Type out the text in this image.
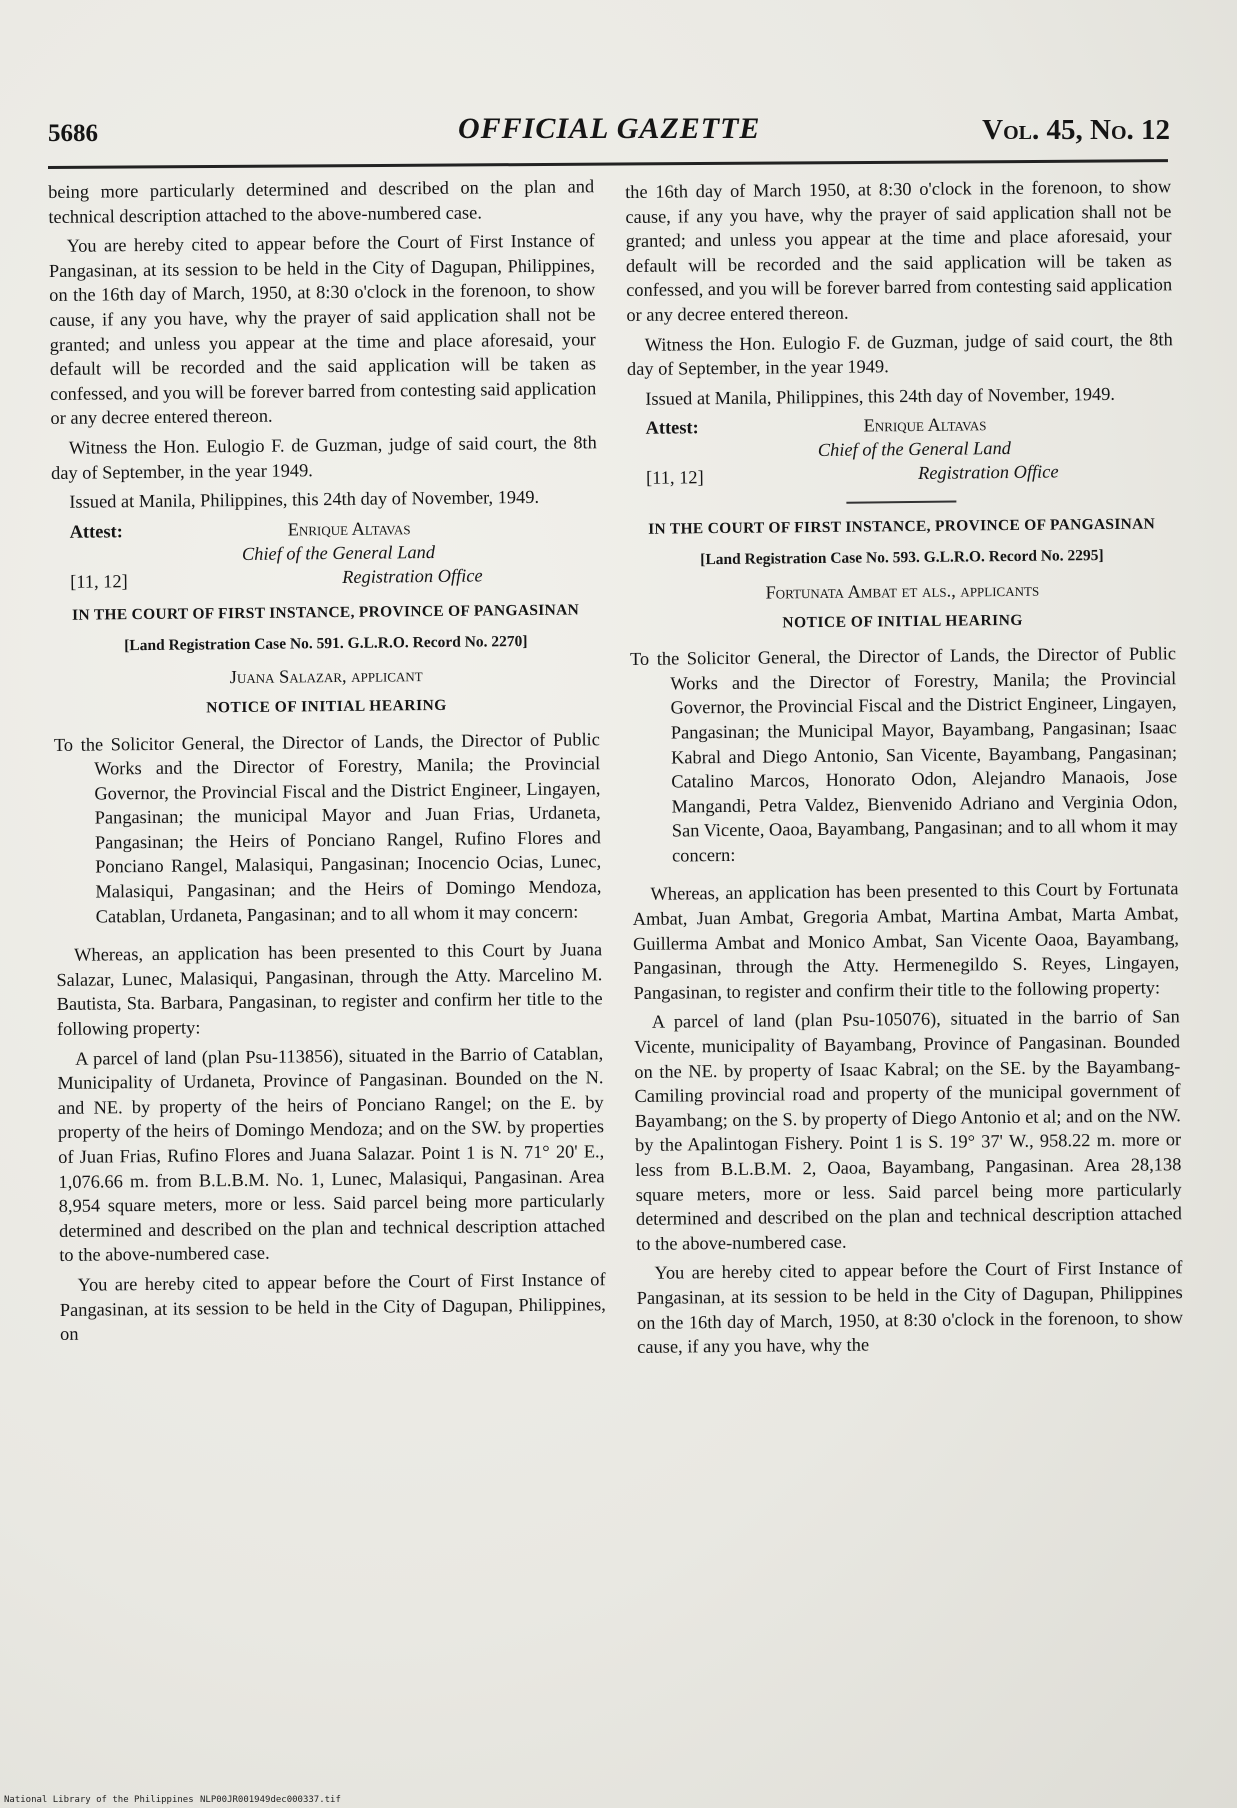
5686	OFFICIAL GAZETTE	Vol. 45, No. 12

being more particularly determined and described on the plan and technical description attached to the above-numbered case.

You are hereby cited to appear before the Court of First Instance of Pangasinan, at its session to be held in the City of Dagupan, Philippines, on the 16th day of March, 1950, at 8:30 o'clock in the forenoon, to show cause, if any you have, why the prayer of said application shall not be granted; and unless you appear at the time and place aforesaid, your default will be recorded and the said application will be taken as confessed, and you will be forever barred from contesting said application or any decree entered thereon.

Witness the Hon. Eulogio F. de Guzman, judge of said court, the 8th day of September, in the year 1949.

Issued at Manila, Philippines, this 24th day of November, 1949.

Attest:	Enrique Altavas
Chief of the General Land
Registration Office
[11, 12]
IN THE COURT OF FIRST INSTANCE, PROVINCE OF PANGASINAN
[Land Registration Case No. 591. G.L.R.O. Record No. 2270]
Juana Salazar, applicant
NOTICE OF INITIAL HEARING
To the Solicitor General, the Director of Lands, the Director of Public Works and the Director of Forestry, Manila; the Provincial Governor, the Provincial Fiscal and the District Engineer, Lingayen, Pangasinan; the municipal Mayor and Juan Frias, Urdaneta, Pangasinan; the Heirs of Ponciano Rangel, Rufino Flores and Ponciano Rangel, Malasiqui, Pangasinan; Inocencio Ocias, Lunec, Malasiqui, Pangasinan; and the Heirs of Domingo Mendoza, Catablan, Urdaneta, Pangasinan; and to all whom it may concern:

Whereas, an application has been presented to this Court by Juana Salazar, Lunec, Malasiqui, Pangasinan, through the Atty. Marcelino M. Bautista, Sta. Barbara, Pangasinan, to register and confirm her title to the following property:

A parcel of land (plan Psu-113856), situated in the Barrio of Catablan, Municipality of Urdaneta, Province of Pangasinan. Bounded on the N. and NE. by property of the heirs of Ponciano Rangel; on the E. by property of the heirs of Domingo Mendoza; and on the SW. by properties of Juan Frias, Rufino Flores and Juana Salazar. Point 1 is N. 71° 20' E., 1,076.66 m. from B.L.B.M. No. 1, Lunec, Malasiqui, Pangasinan. Area 8,954 square meters, more or less. Said parcel being more particularly determined and described on the plan and technical description attached to the above-numbered case.

You are hereby cited to appear before the Court of First Instance of Pangasinan, at its session to be held in the City of Dagupan, Philippines, on

the 16th day of March 1950, at 8:30 o'clock in the forenoon, to show cause, if any you have, why the prayer of said application shall not be granted; and unless you appear at the time and place aforesaid, your default will be recorded and the said application will be taken as confessed, and you will be forever barred from contesting said application or any decree entered thereon.

Witness the Hon. Eulogio F. de Guzman, judge of said court, the 8th day of September, in the year 1949.

Issued at Manila, Philippines, this 24th day of November, 1949.

Attest:	Enrique Altavas
Chief of the General Land
Registration Office
[11, 12]
IN THE COURT OF FIRST INSTANCE, PROVINCE OF PANGASINAN
[Land Registration Case No. 593. G.L.R.O. Record No. 2295]
Fortunata Ambat et als., applicants
NOTICE OF INITIAL HEARING
To the Solicitor General, the Director of Lands, the Director of Public Works and the Director of Forestry, Manila; the Provincial Governor, the Provincial Fiscal and the District Engineer, Lingayen, Pangasinan; the Municipal Mayor, Bayambang, Pangasinan; Isaac Kabral and Diego Antonio, San Vicente, Bayambang, Pangasinan; Catalino Marcos, Honorato Odon, Alejandro Manaois, Jose Mangandi, Petra Valdez, Bienvenido Adriano and Verginia Odon, San Vicente, Oaoa, Bayambang, Pangasinan; and to all whom it may concern:

Whereas, an application has been presented to this Court by Fortunata Ambat, Juan Ambat, Gregoria Ambat, Martina Ambat, Marta Ambat, Guillerma Ambat and Monico Ambat, San Vicente Oaoa, Bayambang, Pangasinan, through the Atty. Hermenegildo S. Reyes, Lingayen, Pangasinan, to register and confirm their title to the following property:

A parcel of land (plan Psu-105076), situated in the barrio of San Vicente, municipality of Bayambang, Province of Pangasinan. Bounded on the NE. by property of Isaac Kabral; on the SE. by the Bayambang-Camiling provincial road and property of the municipal government of Bayambang; on the S. by property of Diego Antonio et al; and on the NW. by the Apalintogan Fishery. Point 1 is S. 19° 37' W., 958.22 m. more or less from B.L.B.M. 2, Oaoa, Bayambang, Pangasinan. Area 28,138 square meters, more or less. Said parcel being more particularly determined and described on the plan and technical description attached to the above-numbered case.

You are hereby cited to appear before the Court of First Instance of Pangasinan, at its session to be held in the City of Dagupan, Philippines on the 16th day of March, 1950, at 8:30 o'clock in the forenoon, to show cause, if any you have, why the

National Library of the Philippines NLP00JR001949dec000337.tif
